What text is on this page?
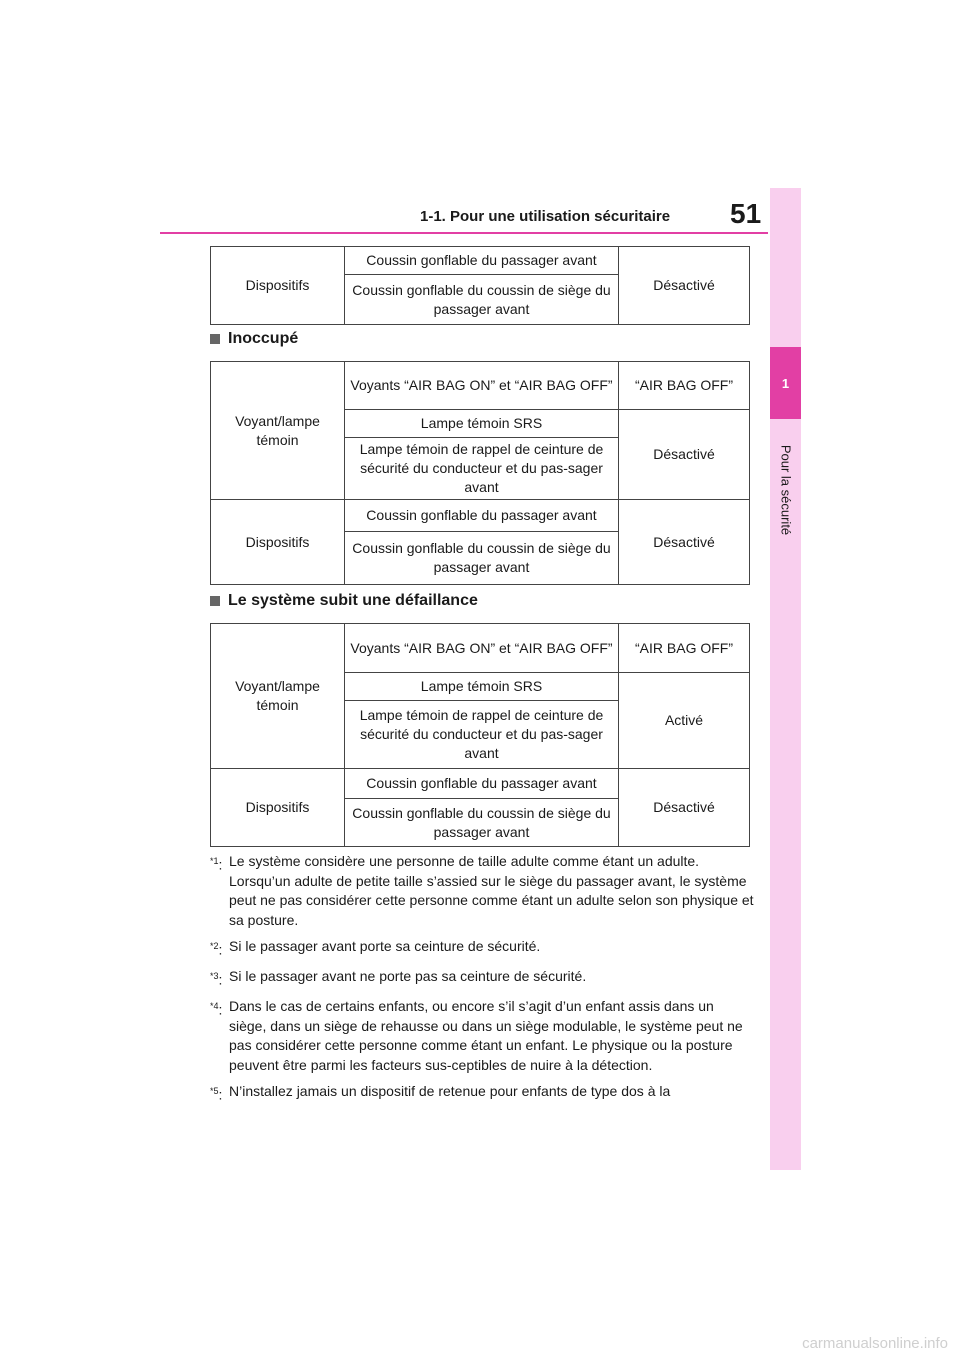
1
Pour la sécurité
1-1. Pour une utilisation sécuritaire 51
Dispositifs	Coussin gonflable du passager avant	Désactivé
Coussin gonflable du coussin de siège du passager avant
Inoccupé
Voyant/lampe témoin	Voyants “AIR BAG ON” et “AIR BAG OFF”	“AIR BAG OFF”
	Lampe témoin SRS	Désactivé
	Lampe témoin de rappel de ceinture de sécurité du conducteur et du pas-sager avant	
Dispositifs	Coussin gonflable du passager avant	Désactivé
	Coussin gonflable du coussin de siège du passager avant	
Le système subit une défaillance
Voyant/lampe témoin	Voyants “AIR BAG ON” et “AIR BAG OFF”	“AIR BAG OFF”
	Lampe témoin SRS	Activé
	Lampe témoin de rappel de ceinture de sécurité du conducteur et du pas-sager avant	
Dispositifs	Coussin gonflable du passager avant	Désactivé
	Coussin gonflable du coussin de siège du passager avant	
$^{*1}$: Le système considère une personne de taille adulte comme étant un adulte. Lorsqu’un adulte de petite taille s’assied sur le siège du passager avant, le système peut ne pas considérer cette personne comme étant un adulte selon son physique et sa posture.
$^{*2}$: Si le passager avant porte sa ceinture de sécurité.
$^{*3}$: Si le passager avant ne porte pas sa ceinture de sécurité.
$^{*4}$: Dans le cas de certains enfants, ou encore s’il s’agit d’un enfant assis dans un siège, dans un siège de rehausse ou dans un siège modulable, le système peut ne pas considérer cette personne comme étant un enfant. Le physique ou la posture peuvent être parmi les facteurs sus-ceptibles de nuire à la détection.
$^{*5}$: N’installez jamais un dispositif de retenue pour enfants de type dos à la
carmanualsonline.info
